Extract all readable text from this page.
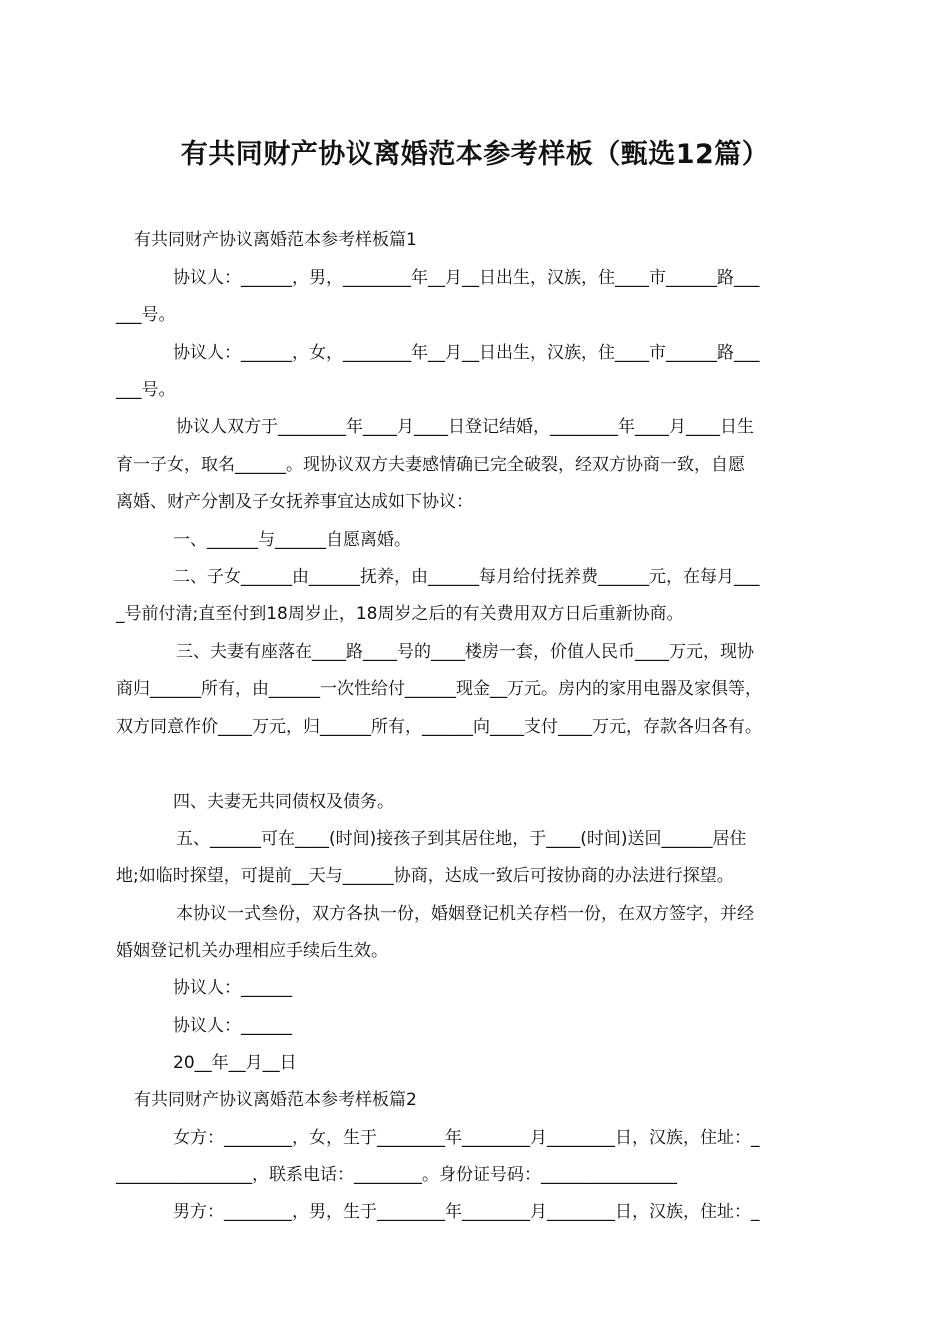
有共同财产协议离婚范本参考样板（甄选12篇）
有共同财产协议离婚范本参考样板篇1
协议人：______，男，________年__月__日出生，汉族，住____市______路___
___号。
协议人：______，女，________年__月__日出生，汉族，住____市______路___
___号。
协议人双方于________年____月____日登记结婚，________年____月____日生
育一子女，取名______。现协议双方夫妻感情确已完全破裂，经双方协商一致，自愿
离婚、财产分割及子女抚养事宜达成如下协议：
一、______与______自愿离婚。
二、子女______由______抚养，由______每月给付抚养费______元，在每月___
_号前付清;直至付到18周岁止，18周岁之后的有关费用双方日后重新协商。
三、夫妻有座落在____路____号的____楼房一套，价值人民币____万元，现协
商归______所有，由______一次性给付______现金__万元。房内的家用电器及家俱等，
双方同意作价____万元，归______所有，______向____支付____万元，存款各归各有。
四、夫妻无共同债权及债务。
五、______可在____(时间)接孩子到其居住地，于____(时间)送回______居住
地;如临时探望，可提前__天与______协商，达成一致后可按协商的办法进行探望。
本协议一式叁份，双方各执一份，婚姻登记机关存档一份，在双方签字，并经
婚姻登记机关办理相应手续后生效。
协议人：______
协议人：______
20__年__月__日
有共同财产协议离婚范本参考样板篇2
女方：________，女，生于________年________月________日，汉族，住址：_
________________，联系电话：________。身份证号码：________________
男方：________，男，生于________年________月________日，汉族，住址：_
